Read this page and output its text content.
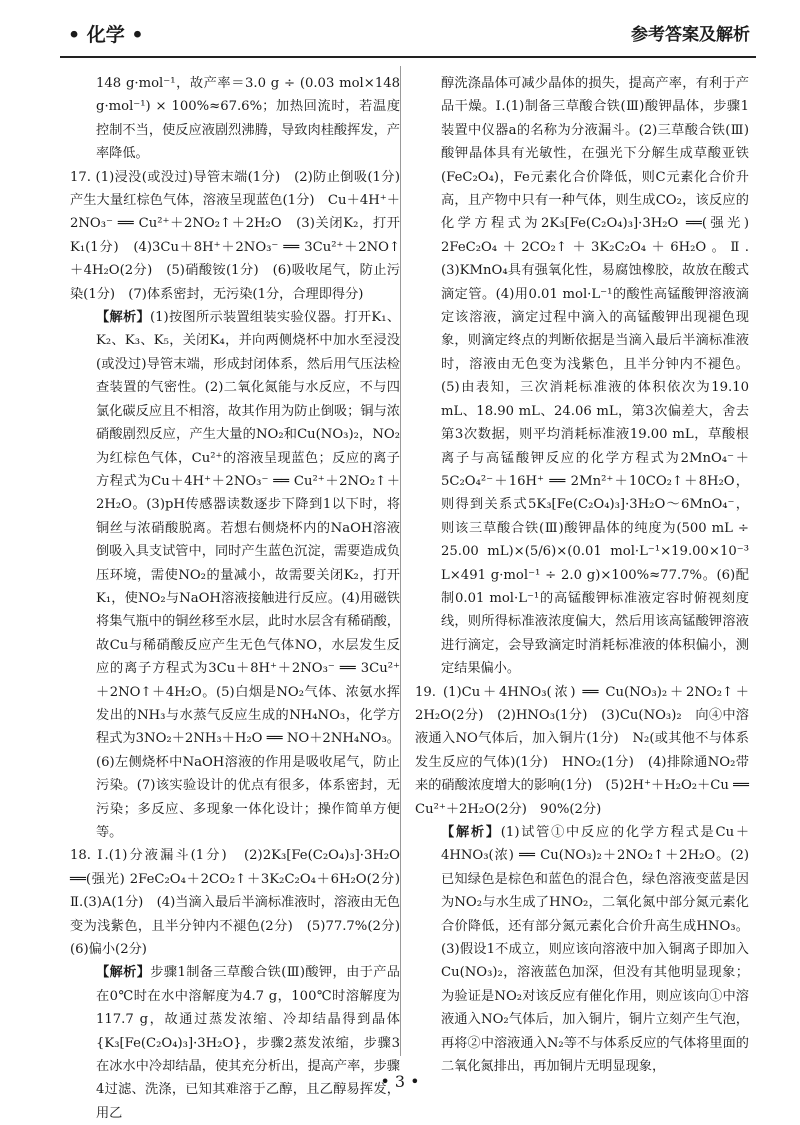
• 化学 •	参考答案及解析

148 g·mol⁻¹，故产率＝3.0 g ÷ (0.03 mol×148 g·mol⁻¹) × 100%≈67.6%；加热回流时，若温度控制不当，使反应液剧烈沸腾，导致肉桂酸挥发，产率降低。

17. (1)浸没(或没过)导管末端(1分)　(2)防止倒吸(1分)　产生大量红棕色气体，溶液呈现蓝色(1分)　Cu＋4H⁺＋2NO₃⁻ ══ Cu²⁺＋2NO₂↑＋2H₂O　(3)关闭K₂，打开K₁(1分)　(4)3Cu＋8H⁺＋2NO₃⁻ ══ 3Cu²⁺＋2NO↑＋4H₂O(2分)　(5)硝酸铵(1分)　(6)吸收尾气，防止污染(1分)　(7)体系密封，无污染(1分，合理即得分)

【解析】(1)按图所示装置组装实验仪器。打开K₁、K₂、K₃、K₅，关闭K₄，并向两侧烧杯中加水至浸没(或没过)导管末端，形成封闭体系，然后用气压法检查装置的气密性。(2)二氧化氮能与水反应，不与四氯化碳反应且不相溶，故其作用为防止倒吸；铜与浓硝酸剧烈反应，产生大量的NO₂和Cu(NO₃)₂，NO₂为红棕色气体，Cu²⁺的溶液呈现蓝色；反应的离子方程式为Cu＋4H⁺＋2NO₃⁻ ══ Cu²⁺＋2NO₂↑＋2H₂O。(3)pH传感器读数逐步下降到1以下时，将铜丝与浓硝酸脱离。若想右侧烧杯内的NaOH溶液倒吸入具支试管中，同时产生蓝色沉淀，需要造成负压环境，需使NO₂的量减小，故需要关闭K₂，打开K₁，使NO₂与NaOH溶液接触进行反应。(4)用磁铁将集气瓶中的铜丝移至水层，此时水层含有稀硝酸，故Cu与稀硝酸反应产生无色气体NO，水层发生反应的离子方程式为3Cu＋8H⁺＋2NO₃⁻ ══ 3Cu²⁺＋2NO↑＋4H₂O。(5)白烟是NO₂气体、浓氨水挥发出的NH₃与水蒸气反应生成的NH₄NO₃，化学方程式为3NO₂＋2NH₃＋H₂O ══ NO＋2NH₄NO₃。(6)左侧烧杯中NaOH溶液的作用是吸收尾气，防止污染。(7)该实验设计的优点有很多，体系密封，无污染；多反应、多现象一体化设计；操作简单方便等。

18. Ⅰ.(1)分液漏斗(1分)　(2)2K₃[Fe(C₂O₄)₃]·3H₂O ══(强光) 2FeC₂O₄＋2CO₂↑＋3K₂C₂O₄＋6H₂O(2分)　Ⅱ.(3)A(1分)　(4)当滴入最后半滴标准液时，溶液由无色变为浅紫色，且半分钟内不褪色(2分)　(5)77.7%(2分)　(6)偏小(2分)

【解析】步骤1制备三草酸合铁(Ⅲ)酸钾，由于产品在0℃时在水中溶解度为4.7 g，100℃时溶解度为117.7 g，故通过蒸发浓缩、冷却结晶得到晶体{K₃[Fe(C₂O₄)₃]·3H₂O}，步骤2蒸发浓缩，步骤3在冰水中冷却结晶，使其充分析出，提高产率，步骤4过滤、洗涤，已知其难溶于乙醇，且乙醇易挥发，用乙

醇洗涤晶体可减少晶体的损失，提高产率，有利于产品干燥。Ⅰ.(1)制备三草酸合铁(Ⅲ)酸钾晶体，步骤1装置中仪器a的名称为分液漏斗。(2)三草酸合铁(Ⅲ)酸钾晶体具有光敏性，在强光下分解生成草酸亚铁(FeC₂O₄)，Fe元素化合价降低，则C元素化合价升高，且产物中只有一种气体，则生成CO₂，该反应的化学方程式为2K₃[Fe(C₂O₄)₃]·3H₂O ══(强光) 2FeC₂O₄＋2CO₂↑＋3K₂C₂O₄＋6H₂O。Ⅱ.(3)KMnO₄具有强氧化性，易腐蚀橡胶，故放在酸式滴定管。(4)用0.01 mol·L⁻¹的酸性高锰酸钾溶液滴定该溶液，滴定过程中滴入的高锰酸钾出现褪色现象，则滴定终点的判断依据是当滴入最后半滴标准液时，溶液由无色变为浅紫色，且半分钟内不褪色。(5)由表知，三次消耗标准液的体积依次为19.10 mL、18.90 mL、24.06 mL，第3次偏差大，舍去第3次数据，则平均消耗标准液19.00 mL，草酸根离子与高锰酸钾反应的化学方程式为2MnO₄⁻＋5C₂O₄²⁻＋16H⁺ ══ 2Mn²⁺＋10CO₂↑＋8H₂O，则得到关系式5K₃[Fe(C₂O₄)₃]·3H₂O～6MnO₄⁻，则该三草酸合铁(Ⅲ)酸钾晶体的纯度为(500 mL ÷ 25.00 mL)×(5/6)×(0.01 mol·L⁻¹×19.00×10⁻³ L×491 g·mol⁻¹ ÷ 2.0 g)×100%≈77.7%。(6)配制0.01 mol·L⁻¹的高锰酸钾标准液定容时俯视刻度线，则所得标准液浓度偏大，然后用该高锰酸钾溶液进行滴定，会导致滴定时消耗标准液的体积偏小，测定结果偏小。

19. (1)Cu＋4HNO₃(浓) ══ Cu(NO₃)₂＋2NO₂↑＋2H₂O(2分)　(2)HNO₃(1分)　(3)Cu(NO₃)₂　向④中溶液通入NO气体后，加入铜片(1分)　N₂(或其他不与体系发生反应的气体)(1分)　HNO₂(1分)　(4)排除通NO₂带来的硝酸浓度增大的影响(1分)　(5)2H⁺＋H₂O₂＋Cu ══ Cu²⁺＋2H₂O(2分)　90%(2分)

【解析】(1)试管①中反应的化学方程式是Cu＋4HNO₃(浓) ══ Cu(NO₃)₂＋2NO₂↑＋2H₂O。(2)已知绿色是棕色和蓝色的混合色，绿色溶液变蓝是因为NO₂与水生成了HNO₂，二氧化氮中部分氮元素化合价降低，还有部分氮元素化合价升高生成HNO₃。(3)假设1不成立，则应该向溶液中加入铜离子即加入Cu(NO₃)₂，溶液蓝色加深，但没有其他明显现象；为验证是NO₂对该反应有催化作用，则应该向①中溶液通入NO₂气体后，加入铜片，铜片立刻产生气泡，再将②中溶液通入N₂等不与体系反应的气体将里面的二氧化氮排出，再加铜片无明显现象，

• 3 •
